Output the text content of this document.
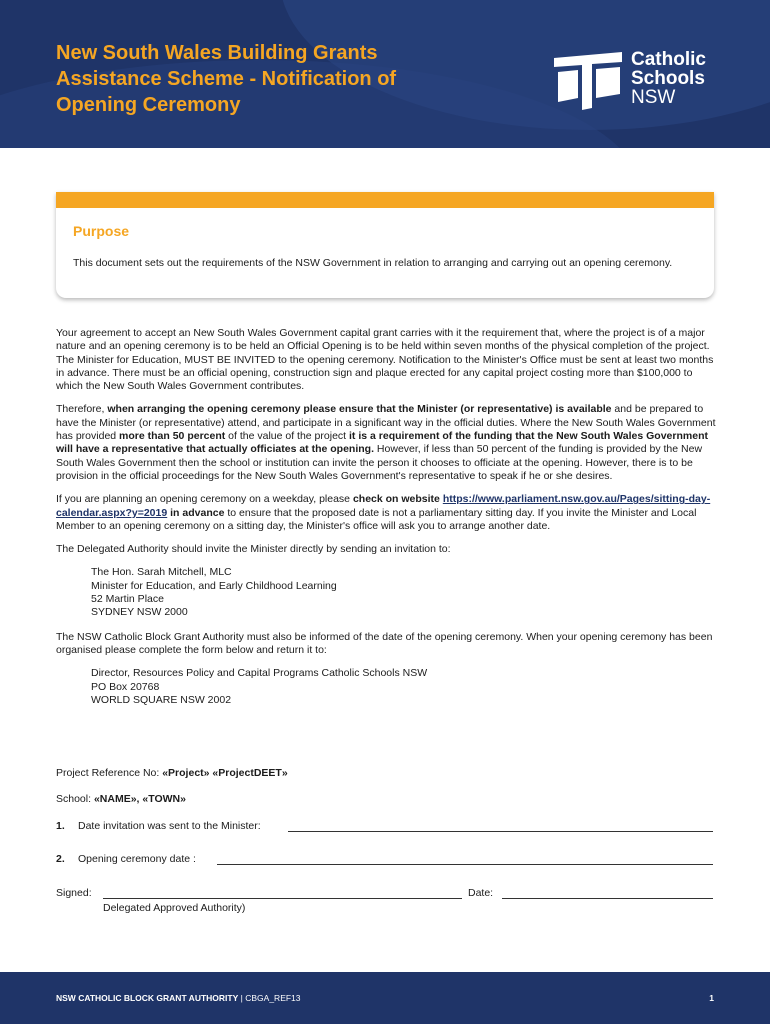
New South Wales Building Grants Assistance Scheme - Notification of Opening Ceremony
Catholic
Schools
NSW
Purpose

This document sets out the requirements of the NSW Government in relation to arranging and carrying out an opening ceremony.

Your agreement to accept an New South Wales Government capital grant carries with it the requirement that, where the project is of a major nature and an opening ceremony is to be held an Official Opening is to be held within seven months of the physical completion of the project. The Minister for Education, MUST BE INVITED to the opening ceremony. Notification to the Minister's Office must be sent at least two months in advance. There must be an official opening, construction sign and plaque erected for any capital project costing more than $100,000 to which the New South Wales Government contributes.

Therefore, when arranging the opening ceremony please ensure that the Minister (or representative) is available and be prepared to have the Minister (or representative) attend, and participate in a significant way in the official duties. Where the New South Wales Government has provided more than 50 percent of the value of the project it is a requirement of the funding that the New South Wales Government will have a representative that actually officiates at the opening. However, if less than 50 percent of the funding is provided by the New South Wales Government then the school or institution can invite the person it chooses to officiate at the opening. However, there is to be provision in the official proceedings for the New South Wales Government's representative to speak if he or she desires.

If you are planning an opening ceremony on a weekday, please check on website https://www.parliament.nsw.gov.au/Pages/sitting-day-calendar.aspx?y=2019 in advance to ensure that the proposed date is not a parliamentary sitting day. If you invite the Minister and Local Member to an opening ceremony on a sitting day, the Minister's office will ask you to arrange another date.

The Delegated Authority should invite the Minister directly by sending an invitation to:

The Hon. Sarah Mitchell, MLC
Minister for Education, and Early Childhood Learning
52 Martin Place
SYDNEY NSW 2000

The NSW Catholic Block Grant Authority must also be informed of the date of the opening ceremony. When your opening ceremony has been organised please complete the form below and return it to:

Director, Resources Policy and Capital Programs Catholic Schools NSW
PO Box 20768
WORLD SQUARE NSW 2002
Project Reference No: «Project» «ProjectDEET»
School: «NAME», «TOWN»
1. Date invitation was sent to the Minister:
2. Opening ceremony date :
Signed:	Date:
Delegated Approved Authority)
NSW CATHOLIC BLOCK GRANT AUTHORITY | CBGA_REF13	1
